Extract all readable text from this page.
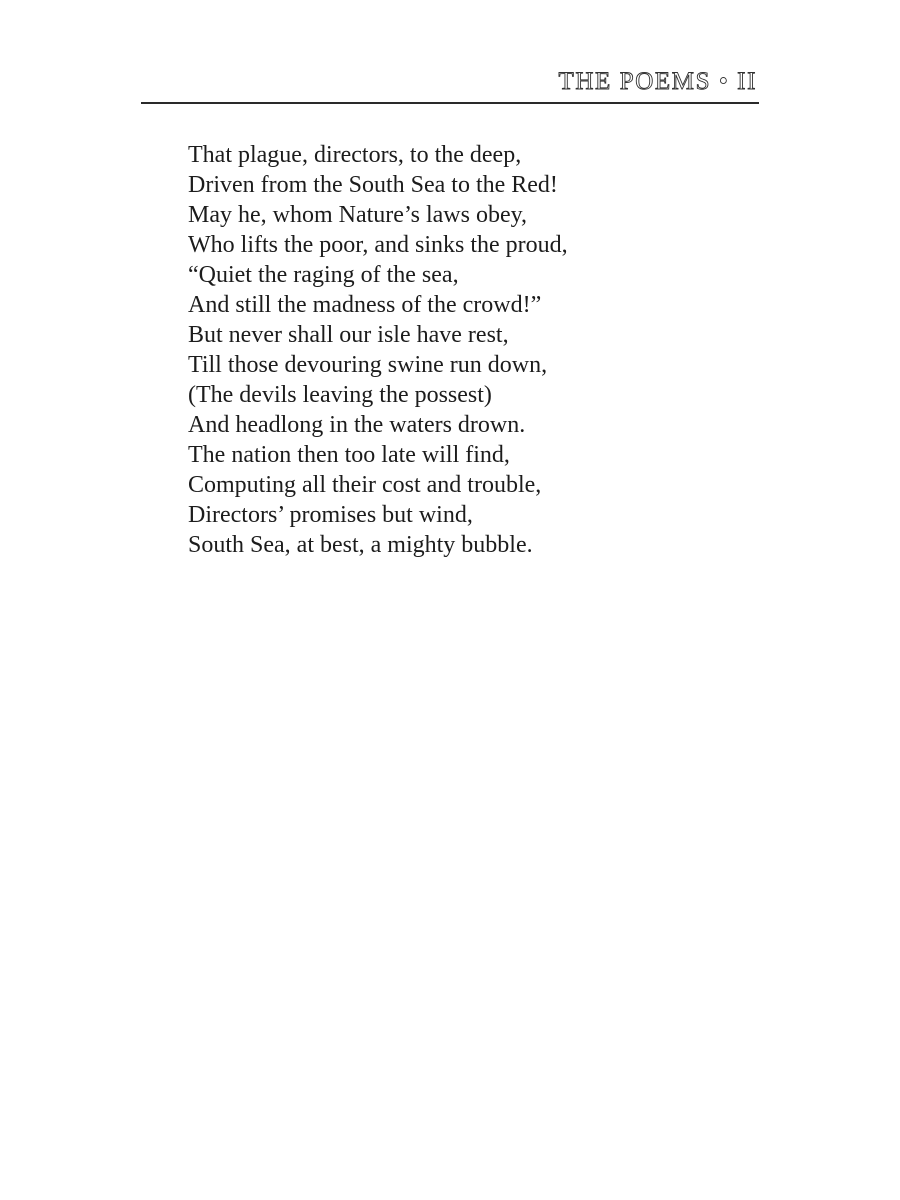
THE POEMS • II
That plague, directors, to the deep,
Driven from the South Sea to the Red!
May he, whom Nature’s laws obey,
Who lifts the poor, and sinks the proud,
“Quiet the raging of the sea,
And still the madness of the crowd!”
But never shall our isle have rest,
Till those devouring swine run down,
(The devils leaving the possest)
And headlong in the waters drown.
The nation then too late will find,
Computing all their cost and trouble,
Directors’ promises but wind,
South Sea, at best, a mighty bubble.
